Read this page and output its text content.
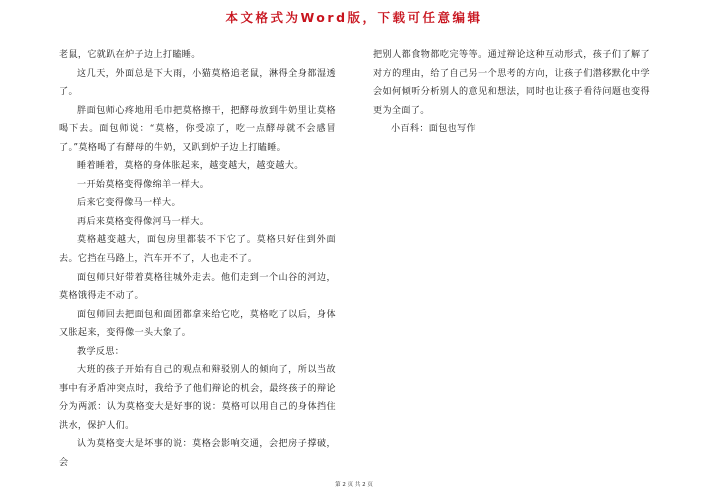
本文格式为Word版，下载可任意编辑

老鼠，它就趴在炉子边上打瞌睡。

这几天，外面总是下大雨，小猫莫格追老鼠，淋得全身都湿透了。

胖面包师心疼地用毛巾把莫格擦干，把酵母放到牛奶里让莫格喝下去。面包师说：“莫格，你受凉了，吃一点酵母就不会感冒了。”莫格喝了有酵母的牛奶，又趴到炉子边上打瞌睡。

睡着睡着，莫格的身体胀起来，越变越大，越变越大。

一开始莫格变得像绵羊一样大。

后来它变得像马一样大。

再后来莫格变得像河马一样大。

莫格越变越大，面包房里都装不下它了。莫格只好住到外面去。它挡在马路上，汽车开不了，人也走不了。

面包师只好带着莫格往城外走去。他们走到一个山谷的河边，莫格饿得走不动了。

面包师回去把面包和面团都拿来给它吃，莫格吃了以后，身体又胀起来，变得像一头大象了。

教学反思：

大班的孩子开始有自己的观点和辩驳别人的倾向了，所以当故事中有矛盾冲突点时，我给予了他们辩论的机会，最终孩子的辩论分为两派：认为莫格变大是好事的说：莫格可以用自己的身体挡住洪水，保护人们。

认为莫格变大是坏事的说：莫格会影响交通，会把房子撑破，会

把别人都食物都吃完等等。通过辩论这种互动形式，孩子们了解了对方的理由，给了自己另一个思考的方向，让孩子们潜移默化中学会如何倾听分析别人的意见和想法，同时也让孩子看待问题也变得更为全面了。

小百科：面包也写作

第 2 页 共 2 页
